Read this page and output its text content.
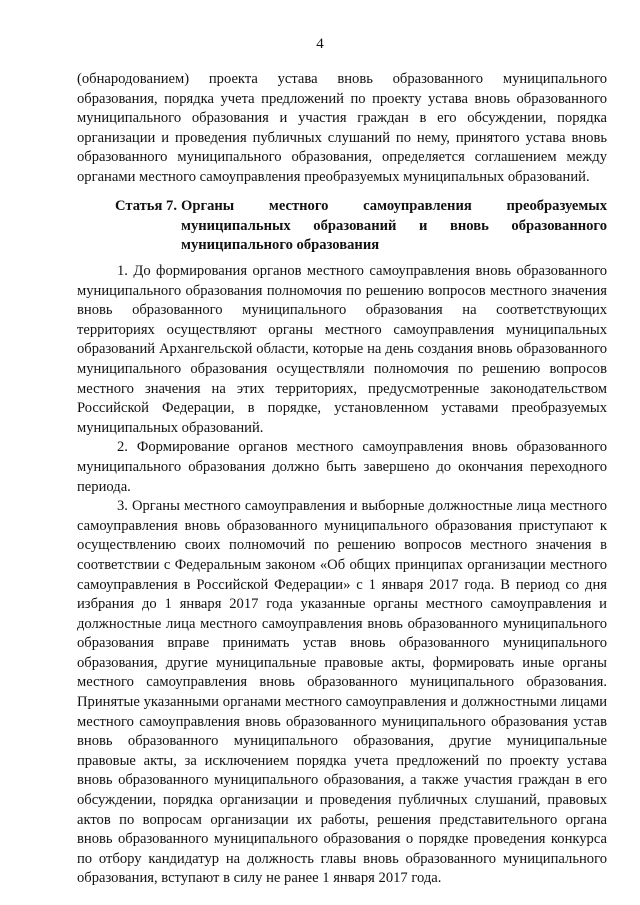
4

(обнародованием) проекта устава вновь образованного муниципального образования, порядка учета предложений по проекту устава вновь образованного муниципального образования и участия граждан в его обсуждении, порядка организации и проведения публичных слушаний по нему, принятого устава вновь образованного муниципального образования, определяется соглашением между органами местного самоуправления преобразуемых муниципальных образований.

Статья 7. Органы местного самоуправления преобразуемых муниципальных образований и вновь образованного муниципального образования

1. До формирования органов местного самоуправления вновь образованного муниципального образования полномочия по решению вопросов местного значения вновь образованного муниципального образования на соответствующих территориях осуществляют органы местного самоуправления муниципальных образований Архангельской области, которые на день создания вновь образованного муниципального образования осуществляли полномочия по решению вопросов местного значения на этих территориях, предусмотренные законодательством Российской Федерации, в порядке, установленном уставами преобразуемых муниципальных образований.

2. Формирование органов местного самоуправления вновь образованного муниципального образования должно быть завершено до окончания переходного периода.

3. Органы местного самоуправления и выборные должностные лица местного самоуправления вновь образованного муниципального образования приступают к осуществлению своих полномочий по решению вопросов местного значения в соответствии с Федеральным законом «Об общих принципах организации местного самоуправления в Российской Федерации» с 1 января 2017 года. В период со дня избрания до 1 января 2017 года указанные органы местного самоуправления и должностные лица местного самоуправления вновь образованного муниципального образования вправе принимать устав вновь образованного муниципального образования, другие муниципальные правовые акты, формировать иные органы местного самоуправления вновь образованного муниципального образования. Принятые указанными органами местного самоуправления и должностными лицами местного самоуправления вновь образованного муниципального образования устав вновь образованного муниципального образования, другие муниципальные правовые акты, за исключением порядка учета предложений по проекту устава вновь образованного муниципального образования, а также участия граждан в его обсуждении, порядка организации и проведения публичных слушаний, правовых актов по вопросам организации их работы, решения представительного органа вновь образованного муниципального образования о порядке проведения конкурса по отбору кандидатур на должность главы вновь образованного муниципального образования, вступают в силу не ранее 1 января 2017 года.
